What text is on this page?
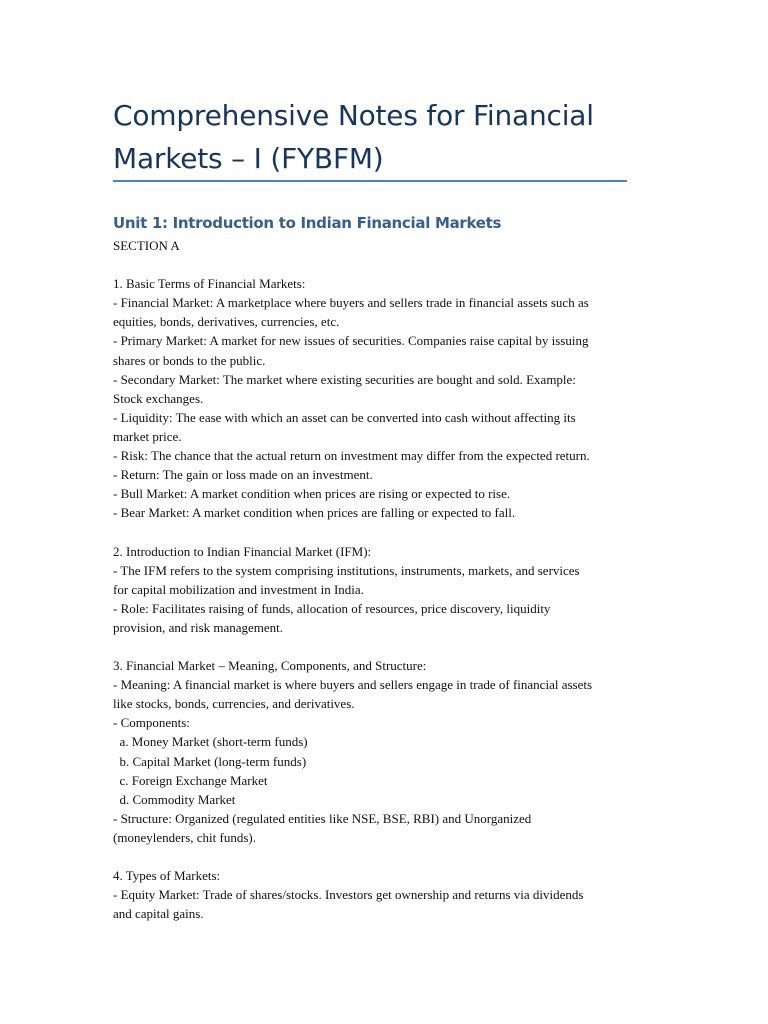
Comprehensive Notes for Financial
Markets – I (FYBFM)
Unit 1: Introduction to Indian Financial Markets
SECTION A
1. Basic Terms of Financial Markets:
- Financial Market: A marketplace where buyers and sellers trade in financial assets such as
equities, bonds, derivatives, currencies, etc.
- Primary Market: A market for new issues of securities. Companies raise capital by issuing
shares or bonds to the public.
- Secondary Market: The market where existing securities are bought and sold. Example:
Stock exchanges.
- Liquidity: The ease with which an asset can be converted into cash without affecting its
market price.
- Risk: The chance that the actual return on investment may differ from the expected return.
- Return: The gain or loss made on an investment.
- Bull Market: A market condition when prices are rising or expected to rise.
- Bear Market: A market condition when prices are falling or expected to fall.
2. Introduction to Indian Financial Market (IFM):
- The IFM refers to the system comprising institutions, instruments, markets, and services
for capital mobilization and investment in India.
- Role: Facilitates raising of funds, allocation of resources, price discovery, liquidity
provision, and risk management.
3. Financial Market – Meaning, Components, and Structure:
- Meaning: A financial market is where buyers and sellers engage in trade of financial assets
like stocks, bonds, currencies, and derivatives.
- Components:
a. Money Market (short-term funds)
b. Capital Market (long-term funds)
c. Foreign Exchange Market
d. Commodity Market
- Structure: Organized (regulated entities like NSE, BSE, RBI) and Unorganized
(moneylenders, chit funds).
4. Types of Markets:
- Equity Market: Trade of shares/stocks. Investors get ownership and returns via dividends
and capital gains.
